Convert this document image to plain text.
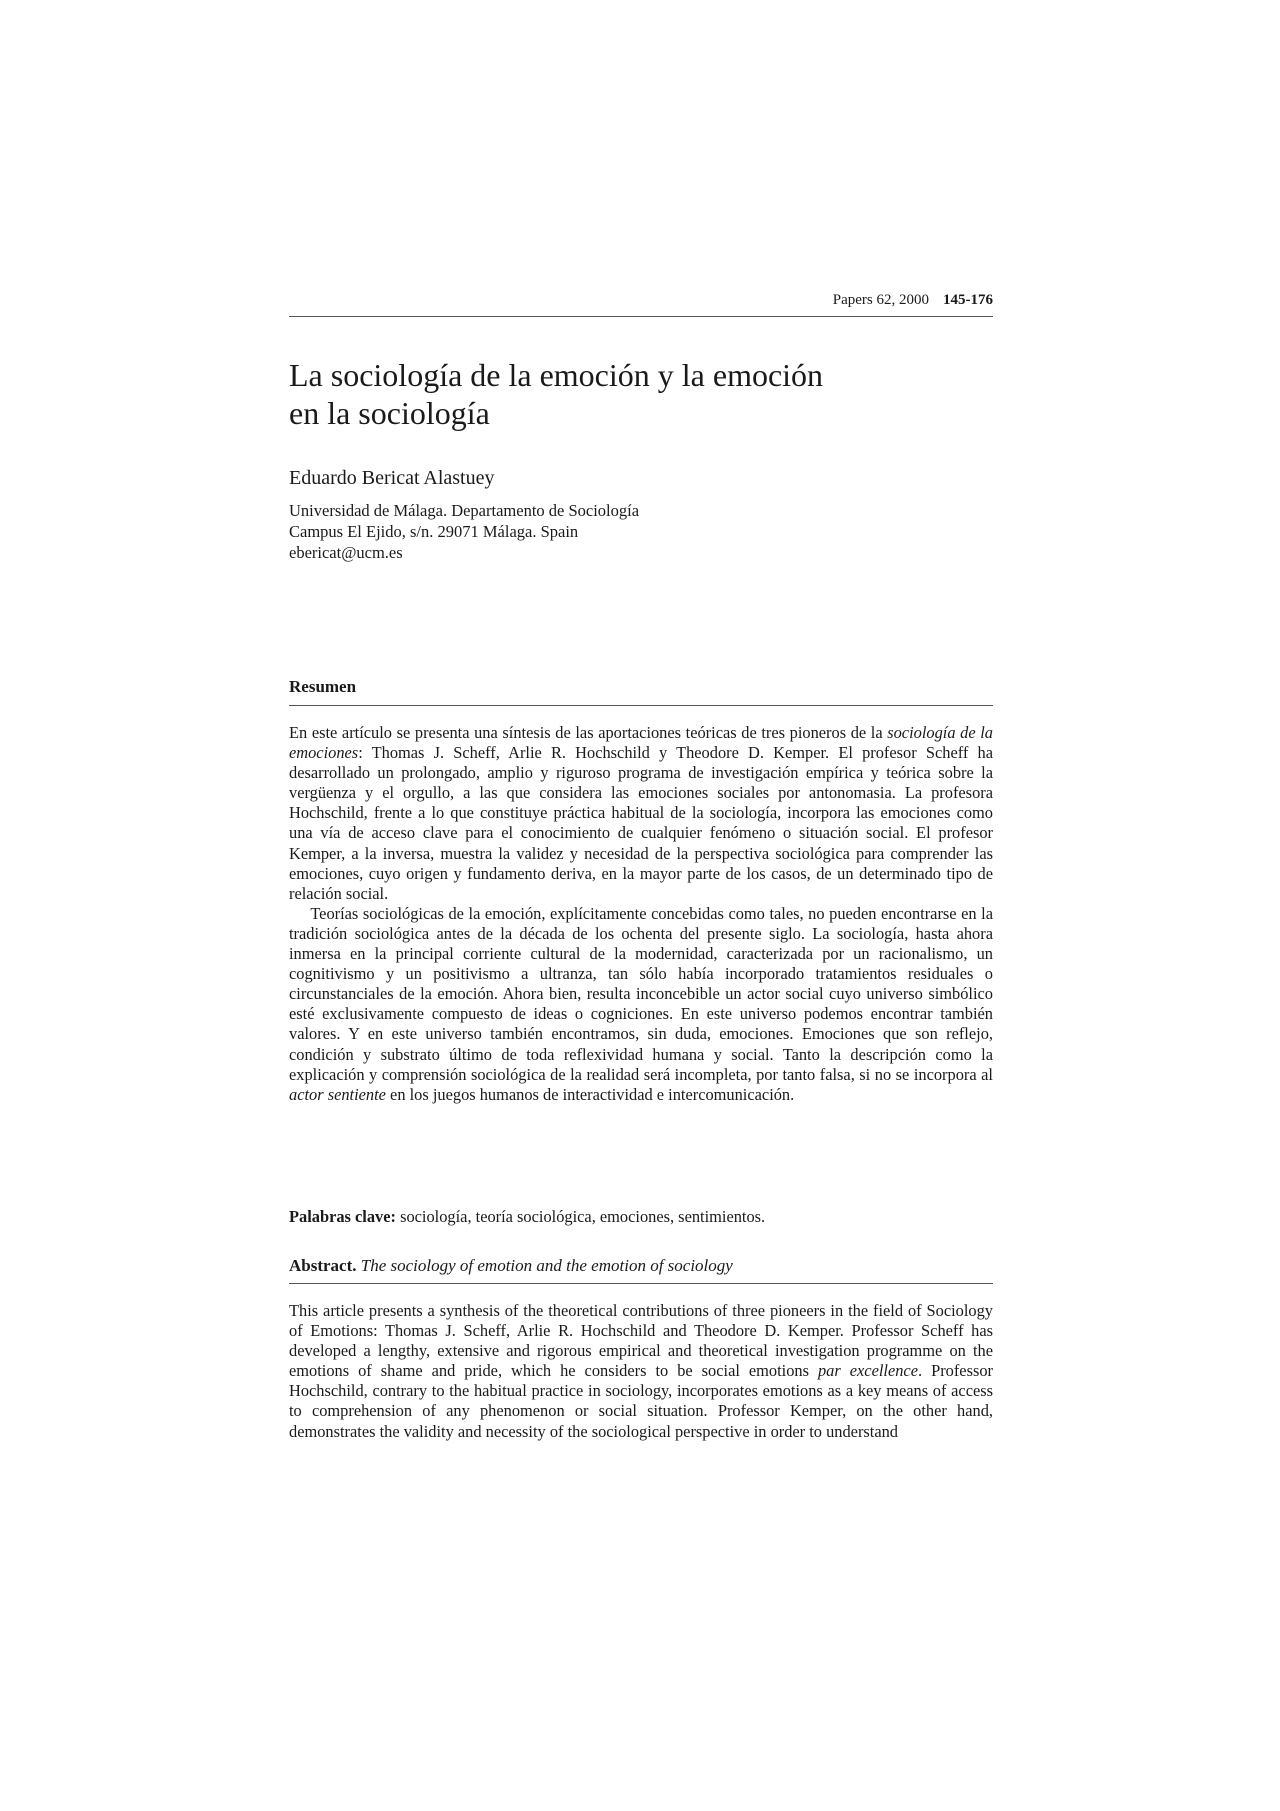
Papers 62, 2000 145-176
La sociología de la emoción y la emoción
en la sociología
Eduardo Bericat Alastuey
Universidad de Málaga. Departamento de Sociología
Campus El Ejido, s/n. 29071 Málaga. Spain
ebericat@ucm.es
Resumen

En este artículo se presenta una síntesis de las aportaciones teóricas de tres pioneros de la sociología de la emociones: Thomas J. Scheff, Arlie R. Hochschild y Theodore D. Kemper. El profesor Scheff ha desarrollado un prolongado, amplio y riguroso programa de investigación empírica y teórica sobre la vergüenza y el orgullo, a las que considera las emociones sociales por antonomasia. La profesora Hochschild, frente a lo que constituye práctica habitual de la sociología, incorpora las emociones como una vía de acceso clave para el conocimiento de cualquier fenómeno o situación social. El profesor Kemper, a la inversa, muestra la validez y necesidad de la perspectiva sociológica para comprender las emociones, cuyo origen y fundamento deriva, en la mayor parte de los casos, de un determinado tipo de relación social.

Teorías sociológicas de la emoción, explícitamente concebidas como tales, no pueden encontrarse en la tradición sociológica antes de la década de los ochenta del presente siglo. La sociología, hasta ahora inmersa en la principal corriente cultural de la modernidad, caracterizada por un racionalismo, un cognitivismo y un positivismo a ultranza, tan sólo había incorporado tratamientos residuales o circunstanciales de la emoción. Ahora bien, resulta inconcebible un actor social cuyo universo simbólico esté exclusivamente compuesto de ideas o cogniciones. En este universo podemos encontrar también valores. Y en este universo también encontramos, sin duda, emociones. Emociones que son reflejo, condición y substrato último de toda reflexividad humana y social. Tanto la descripción como la explicación y comprensión sociológica de la realidad será incompleta, por tanto falsa, si no se incorpora al actor sentiente en los juegos humanos de interactividad e intercomunicación.

Palabras clave: sociología, teoría sociológica, emociones, sentimientos.
Abstract. The sociology of emotion and the emotion of sociology

This article presents a synthesis of the theoretical contributions of three pioneers in the field of Sociology of Emotions: Thomas J. Scheff, Arlie R. Hochschild and Theodore D. Kemper. Professor Scheff has developed a lengthy, extensive and rigorous empirical and theoretical investigation programme on the emotions of shame and pride, which he considers to be social emotions par excellence. Professor Hochschild, contrary to the habitual practice in sociology, incorporates emotions as a key means of access to comprehension of any phenomenon or social situation. Professor Kemper, on the other hand, demonstrates the validity and necessity of the sociological perspective in order to understand
